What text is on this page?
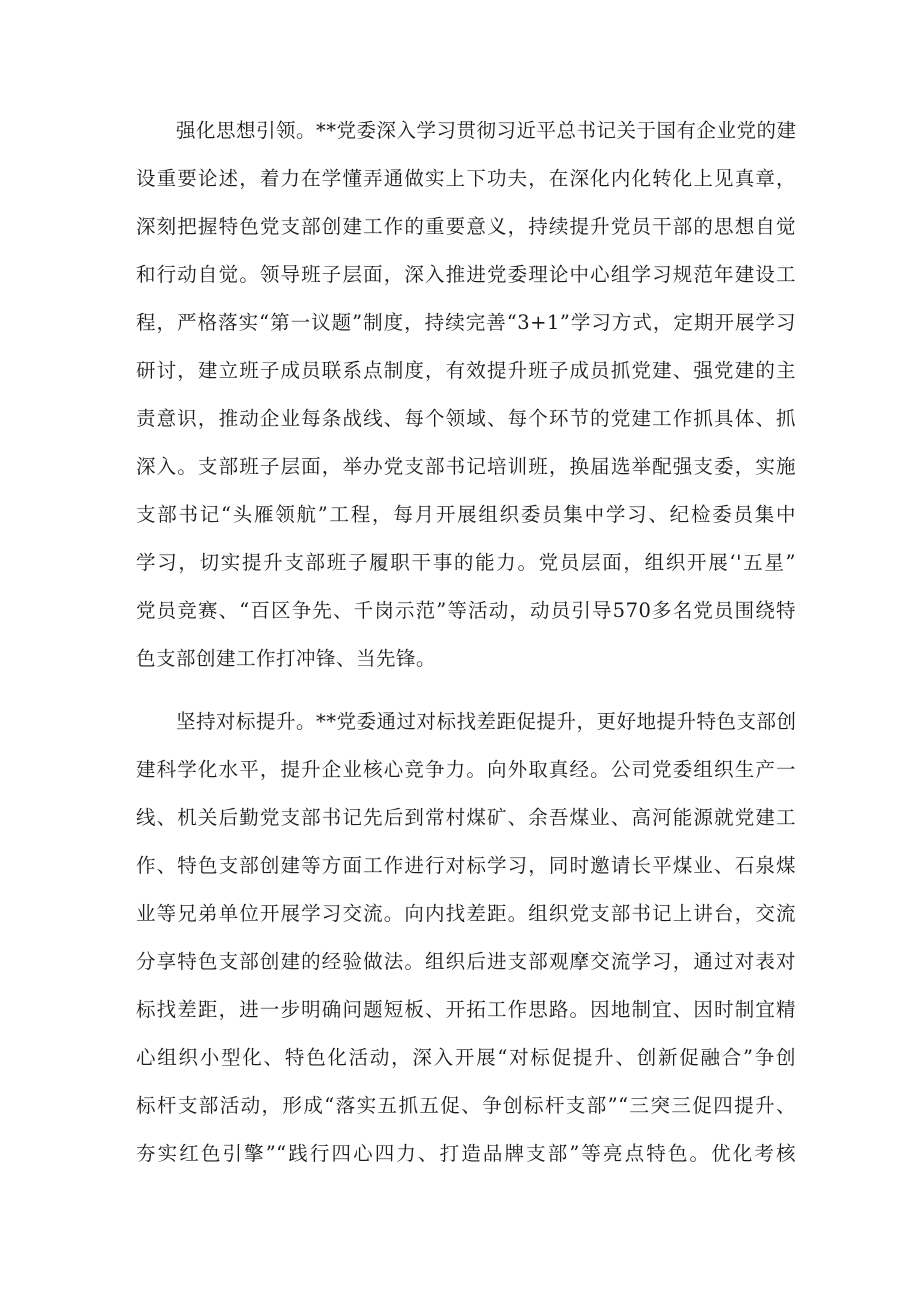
强化思想引领。**党委深入学习贯彻习近平总书记关于国有企业党的建
设重要论述，着力在学懂弄通做实上下功夫，在深化内化转化上见真章，
深刻把握特色党支部创建工作的重要意义，持续提升党员干部的思想自觉
和行动自觉。领导班子层面，深入推进党委理论中心组学习规范年建设工
程，严格落实“第一议题”制度，持续完善“3+1”学习方式，定期开展学习
研讨，建立班子成员联系点制度，有效提升班子成员抓党建、强党建的主
责意识，推动企业每条战线、每个领域、每个环节的党建工作抓具体、抓
深入。支部班子层面，举办党支部书记培训班，换届选举配强支委，实施
支部书记“头雁领航”工程，每月开展组织委员集中学习、纪检委员集中
学习，切实提升支部班子履职干事的能力。党员层面，组织开展‘'五星”
党员竞赛、“百区争先、千岗示范”等活动，动员引导570多名党员围绕特
色支部创建工作打冲锋、当先锋。
坚持对标提升。**党委通过对标找差距促提升，更好地提升特色支部创
建科学化水平，提升企业核心竞争力。向外取真经。公司党委组织生产一
线、机关后勤党支部书记先后到常村煤矿、余吾煤业、高河能源就党建工
作、特色支部创建等方面工作进行对标学习，同时邀请长平煤业、石泉煤
业等兄弟单位开展学习交流。向内找差距。组织党支部书记上讲台，交流
分享特色支部创建的经验做法。组织后进支部观摩交流学习，通过对表对
标找差距，进一步明确问题短板、开拓工作思路。因地制宜、因时制宜精
心组织小型化、特色化活动，深入开展“对标促提升、创新促融合”争创
标杆支部活动，形成“落实五抓五促、争创标杆支部”“三突三促四提升、
夯实红色引擎”“践行四心四力、打造品牌支部”等亮点特色。优化考核
